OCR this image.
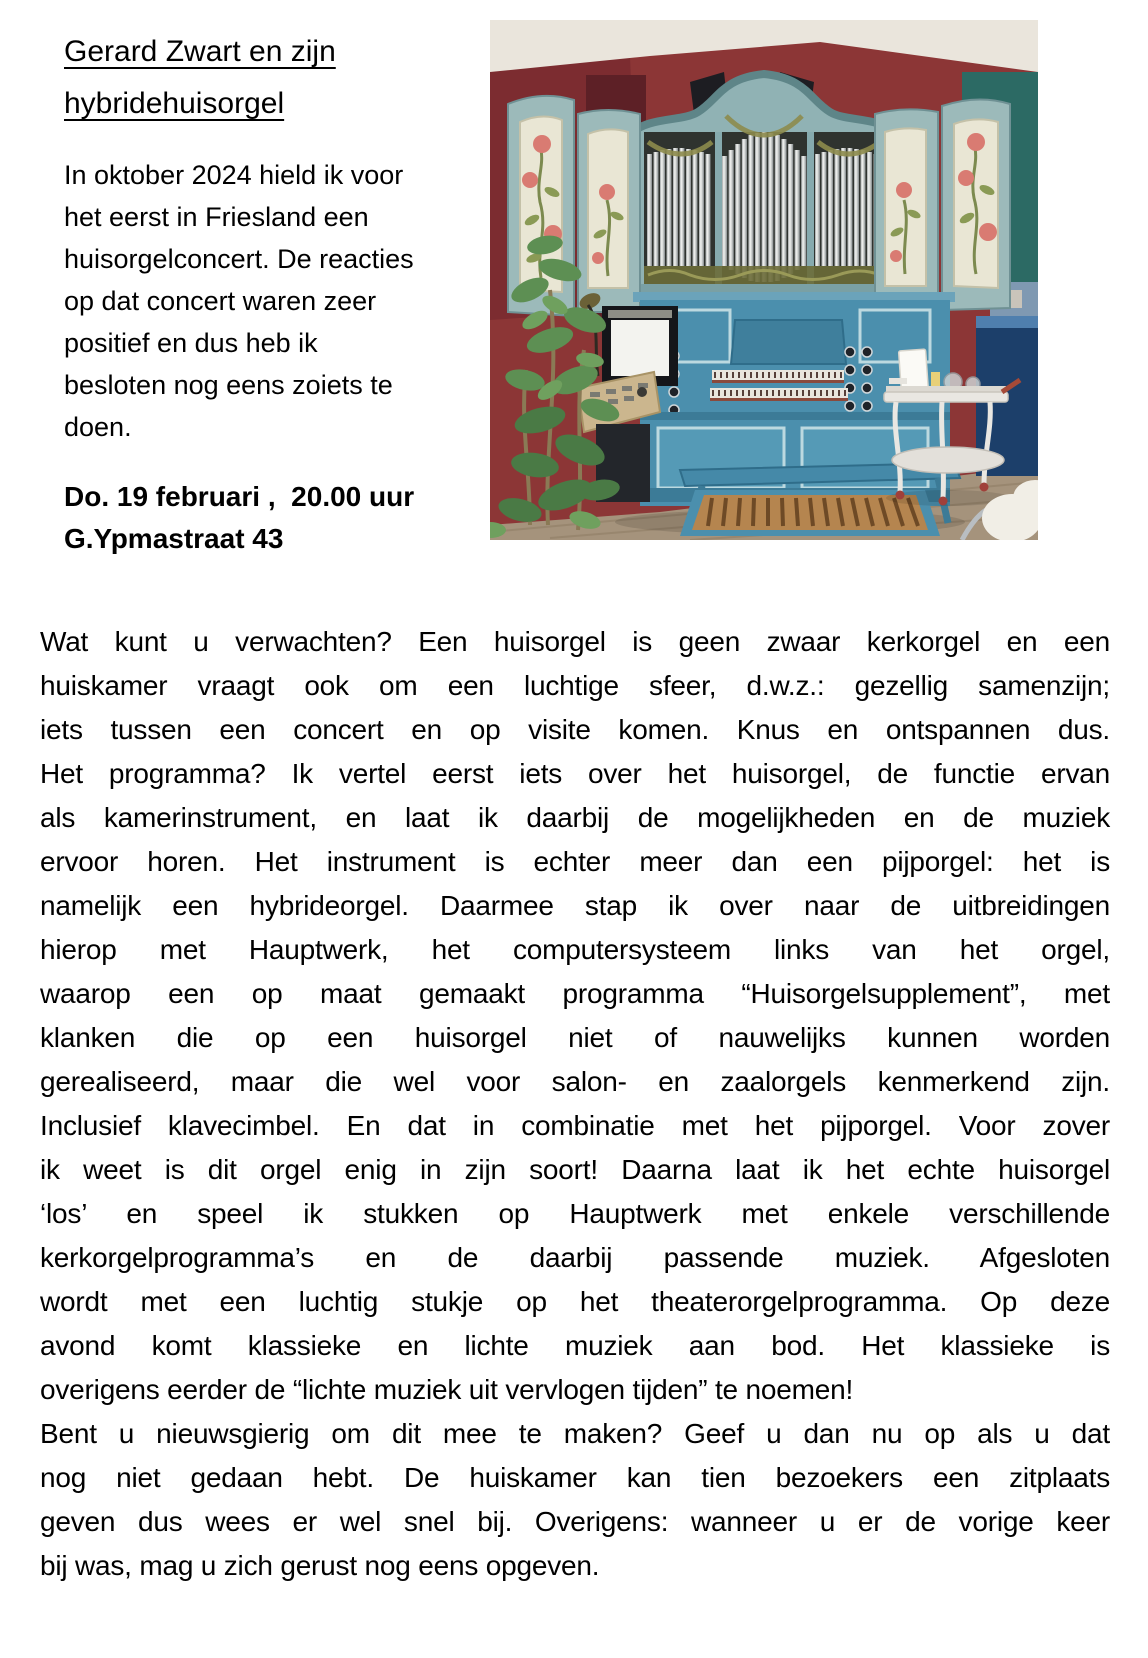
Gerard Zwart en zijn
hybridehuisorgel

In oktober 2024 hield ik voor
het eerst in Friesland een
huisorgelconcert. De reacties
op dat concert waren zeer
positief en dus heb ik
besloten nog eens zoiets te
doen.

Do. 19 februari ,  20.00 uur
G.Ypmastraat 43

Wat kunt u verwachten? Een huisorgel is geen zwaar kerkorgel en een
huiskamer vraagt ook om een luchtige sfeer, d.w.z.: gezellig samenzijn;
iets tussen een concert en op visite komen. Knus en ontspannen dus.
Het programma? Ik vertel eerst iets over het huisorgel, de functie ervan
als kamerinstrument, en laat ik daarbij de mogelijkheden en de muziek
ervoor horen. Het instrument is echter meer dan een pijporgel: het is
namelijk een hybrideorgel. Daarmee stap ik over naar de uitbreidingen
hierop met Hauptwerk, het computersysteem links van het orgel,
waarop een op maat gemaakt programma “Huisorgelsupplement”, met
klanken die op een huisorgel niet of nauwelijks kunnen worden
gerealiseerd, maar die wel voor salon- en zaalorgels kenmerkend zijn.
Inclusief klavecimbel. En dat in combinatie met het pijporgel. Voor zover
ik weet is dit orgel enig in zijn soort! Daarna laat ik het echte huisorgel
‘los’ en speel ik stukken op Hauptwerk met enkele verschillende
kerkorgelprogramma’s en de daarbij passende muziek. Afgesloten
wordt met een luchtig stukje op het theaterorgelprogramma. Op deze
avond komt klassieke en lichte muziek aan bod. Het klassieke is
overigens eerder de “lichte muziek uit vervlogen tijden” te noemen!
Bent u nieuwsgierig om dit mee te maken? Geef u dan nu op als u dat
nog niet gedaan hebt. De huiskamer kan tien bezoekers een zitplaats
geven dus wees er wel snel bij. Overigens: wanneer u er de vorige keer
bij was, mag u zich gerust nog eens opgeven.
